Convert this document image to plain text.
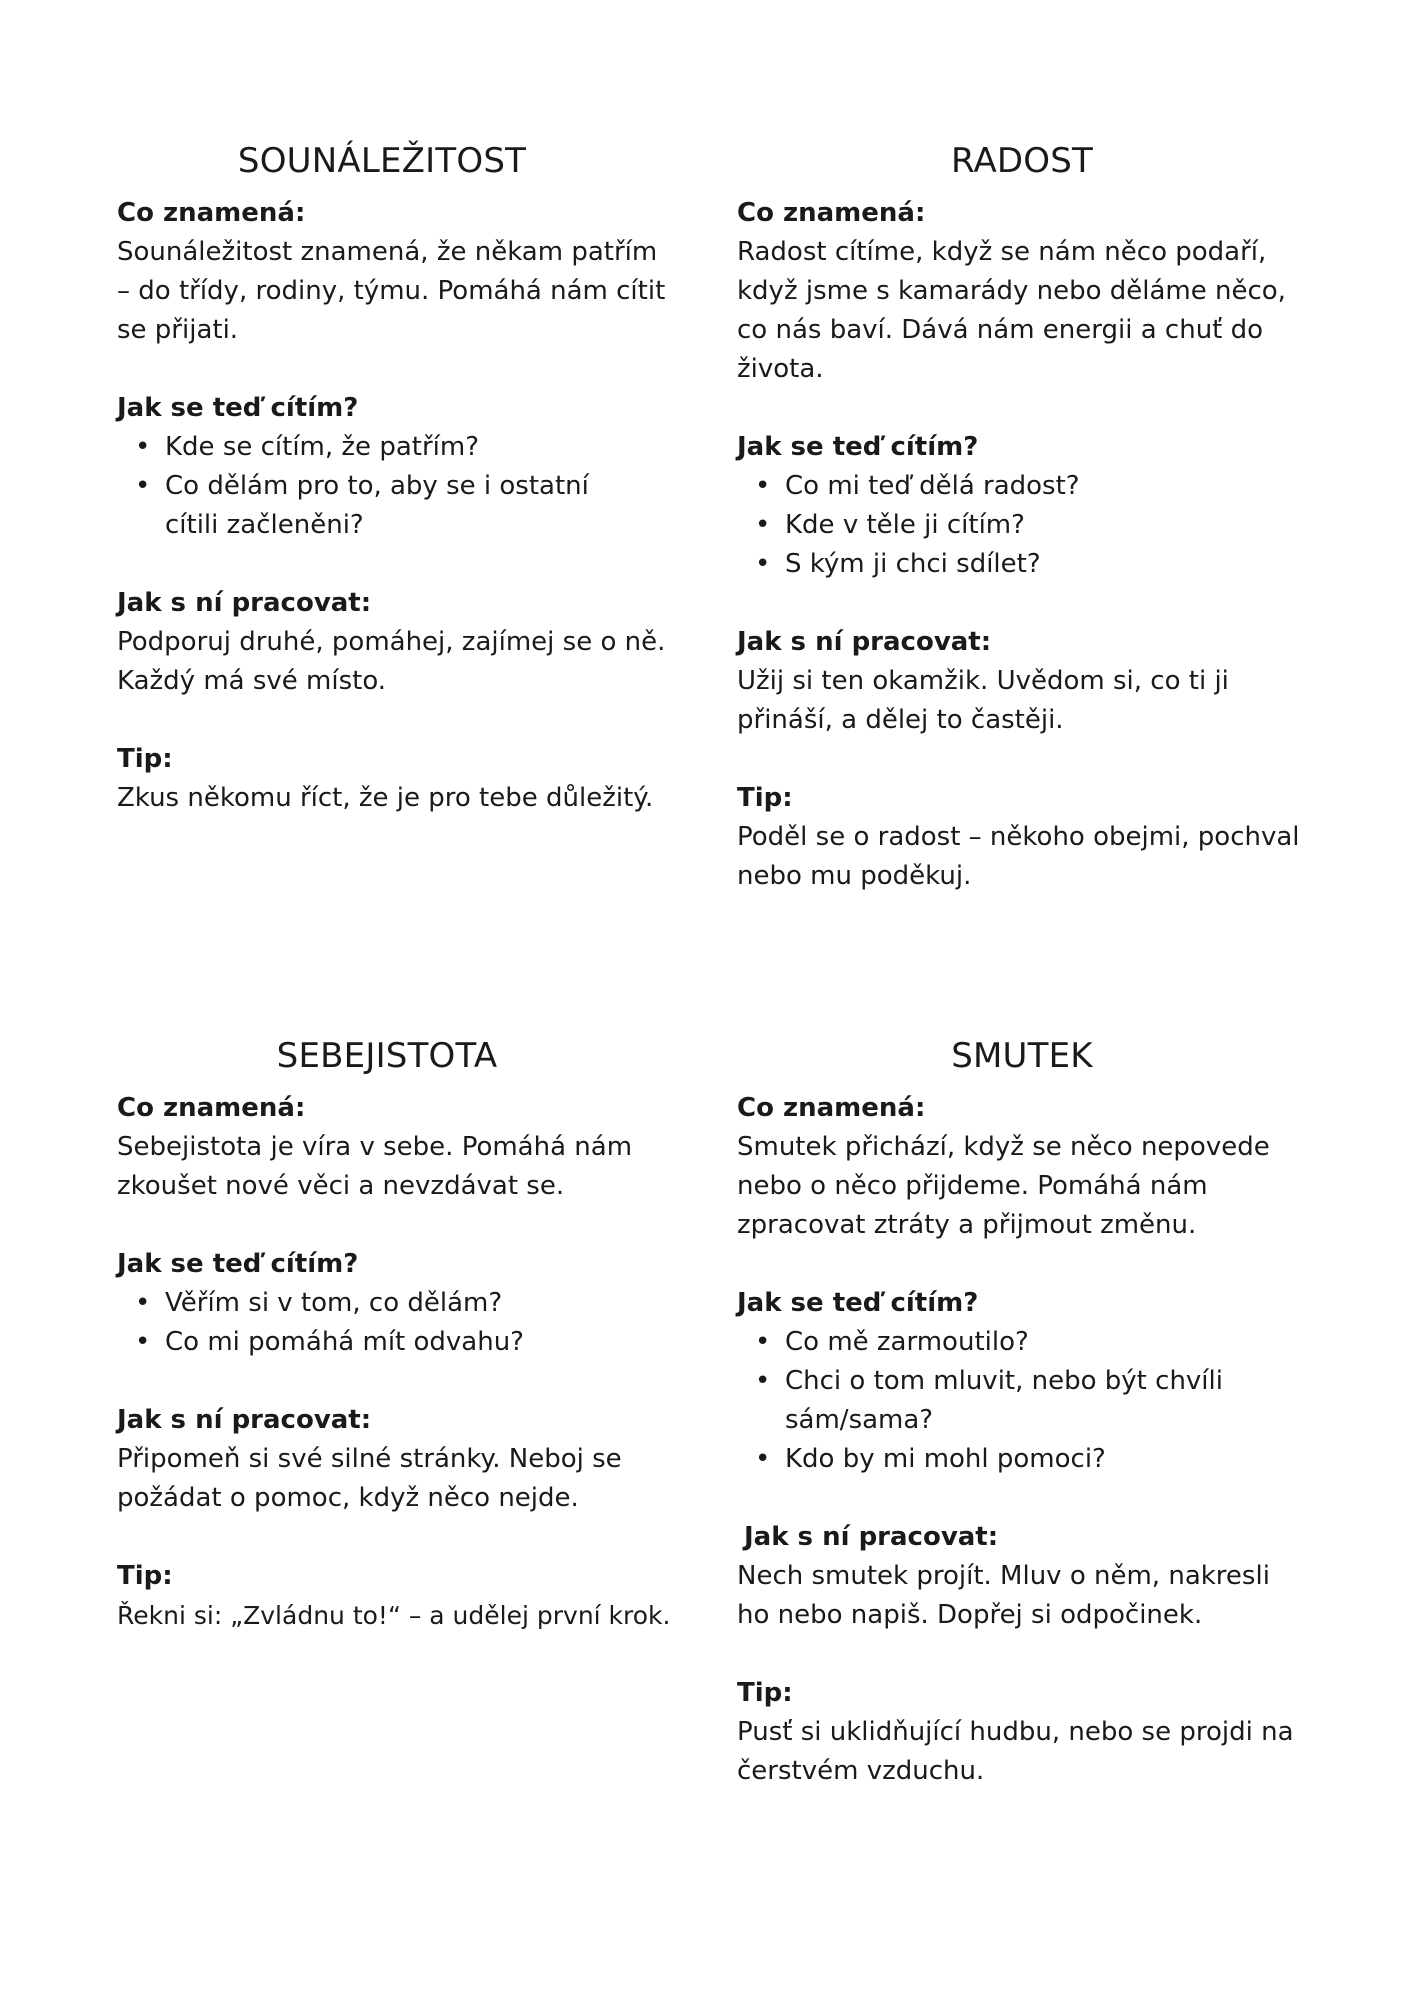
SOUNÁLEŽITOST

Co znamená:

Sounáležitost znamená, že někam patřím – do třídy, rodiny, týmu. Pomáhá nám cítit se přijati.

Jak se teď cítím?

• Kde se cítím, že patřím?
• Co dělám pro to, aby se i ostatní cítili začleněni?

Jak s ní pracovat:

Podporuj druhé, pomáhej, zajímej se o ně. Každý má své místo.

Tip:

Zkus někomu říct, že je pro tebe důležitý.

RADOST

Co znamená:

Radost cítíme, když se nám něco podaří, když jsme s kamarády nebo děláme něco, co nás baví. Dává nám energii a chuť do života.

Jak se teď cítím?

• Co mi teď dělá radost?
• Kde v těle ji cítím?
• S kým ji chci sdílet?

Jak s ní pracovat:

Užij si ten okamžik. Uvědom si, co ti ji přináší, a dělej to častěji.

Tip:

Poděl se o radost – někoho obejmi, pochval nebo mu poděkuj.

SEBEJISTOTA

Co znamená:

Sebejistota je víra v sebe. Pomáhá nám zkoušet nové věci a nevzdávat se.

Jak se teď cítím?

• Věřím si v tom, co dělám?
• Co mi pomáhá mít odvahu?

Jak s ní pracovat:

Připomeň si své silné stránky. Neboj se požádat o pomoc, když něco nejde.

Tip:

Řekni si: „Zvládnu to!“ – a udělej první krok.

SMUTEK

Co znamená:

Smutek přichází, když se něco nepovede nebo o něco přijdeme. Pomáhá nám zpracovat ztráty a přijmout změnu.

Jak se teď cítím?

• Co mě zarmoutilo?
• Chci o tom mluvit, nebo být chvíli sám/sama?
• Kdo by mi mohl pomoci?

Jak s ní pracovat:

Nech smutek projít. Mluv o něm, nakresli ho nebo napiš. Dopřej si odpočinek.

Tip:

Pusť si uklidňující hudbu, nebo se projdi na čerstvém vzduchu.
